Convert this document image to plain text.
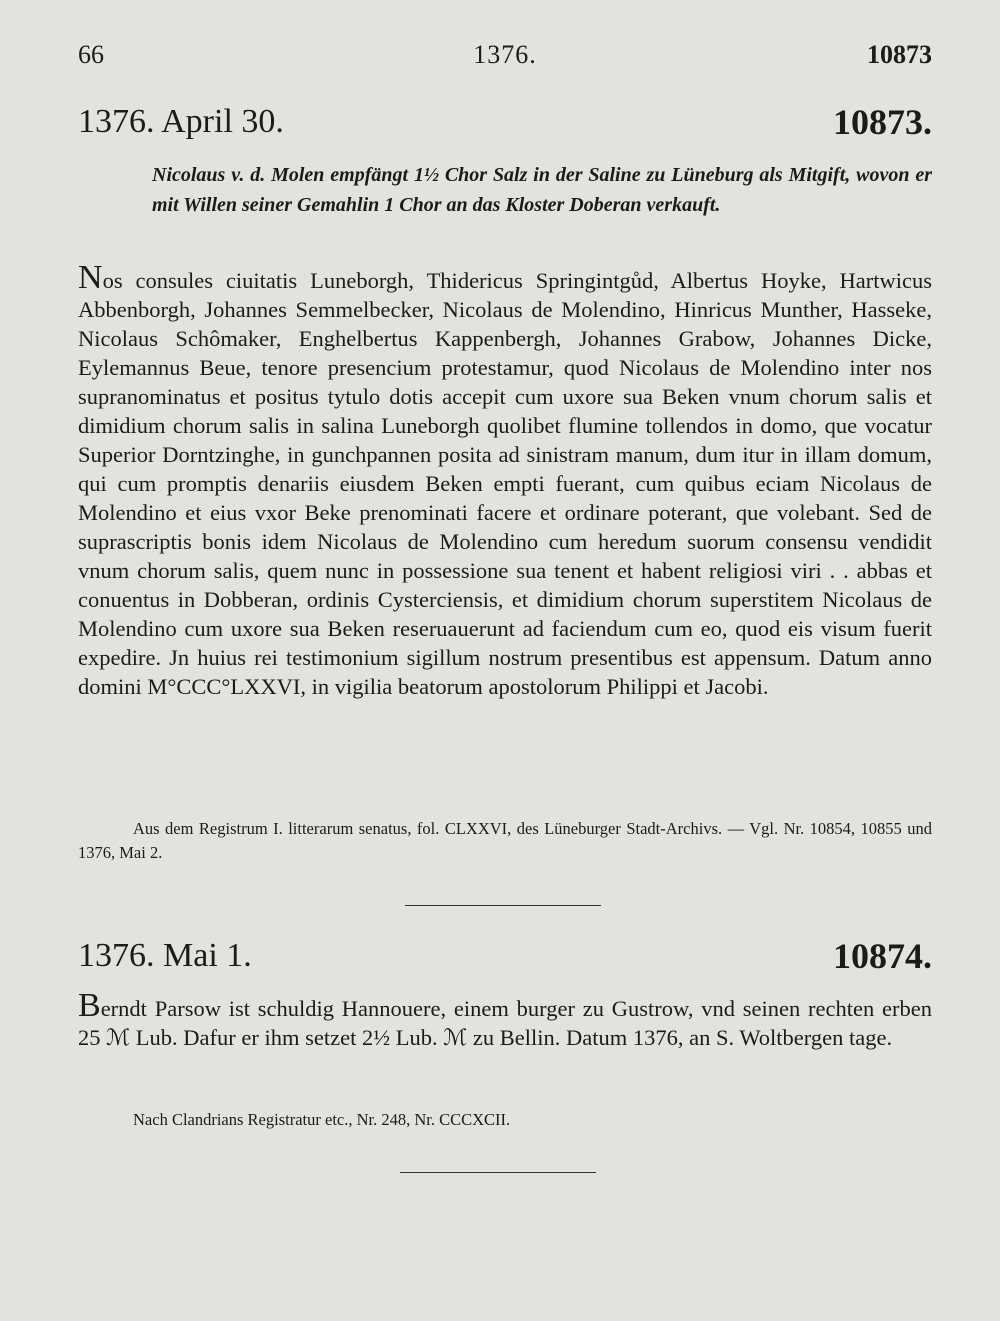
66	1376.	10873
1376. April 30.	10873.
Nicolaus v. d. Molen empfängt 1½ Chor Salz in der Saline zu Lüneburg als Mitgift, wovon er mit Willen seiner Gemahlin 1 Chor an das Kloster Doberan verkauft.
Nos consules ciuitatis Luneborgh, Thidericus Springintgůd, Albertus Hoyke, Hartwicus Abbenborgh, Johannes Semmelbecker, Nicolaus de Molendino, Hinricus Munther, Hasseke, Nicolaus Schômaker, Enghelbertus Kappenbergh, Johannes Grabow, Johannes Dicke, Eylemannus Beue, tenore presencium protestamur, quod Nicolaus de Molendino inter nos supranominatus et positus tytulo dotis accepit cum uxore sua Beken vnum chorum salis et dimidium chorum salis in salina Luneborgh quolibet flumine tollendos in domo, que vocatur Superior Dorntzinghe, in gunchpannen posita ad sinistram manum, dum itur in illam domum, qui cum promptis denariis eiusdem Beken empti fuerant, cum quibus eciam Nicolaus de Molendino et eius vxor Beke prenominati facere et ordinare poterant, que volebant. Sed de suprascriptis bonis idem Nicolaus de Molendino cum heredum suorum consensu vendidit vnum chorum salis, quem nunc in possessione sua tenent et habent religiosi viri . . abbas et conuentus in Dobberan, ordinis Cysterciensis, et dimidium chorum superstitem Nicolaus de Molendino cum uxore sua Beken reseruauerunt ad faciendum cum eo, quod eis visum fuerit expedire. Jn huius rei testimonium sigillum nostrum presentibus est appensum. Datum anno domini M°CCC°LXXVI, in vigilia beatorum apostolorum Philippi et Jacobi.
Aus dem Registrum I. litterarum senatus, fol. CLXXVI, des Lüneburger Stadt-Archivs. — Vgl. Nr. 10854, 10855 und 1376, Mai 2.
1376. Mai 1.	10874.
Berndt Parsow ist schuldig Hannouere, einem burger zu Gustrow, vnd seinen rechten erben 25 ℳ Lub. Dafur er ihm setzet 2½ Lub. ℳ zu Bellin. Datum 1376, an S. Woltbergen tage.
Nach Clandrians Registratur etc., Nr. 248, Nr. CCCXCII.
